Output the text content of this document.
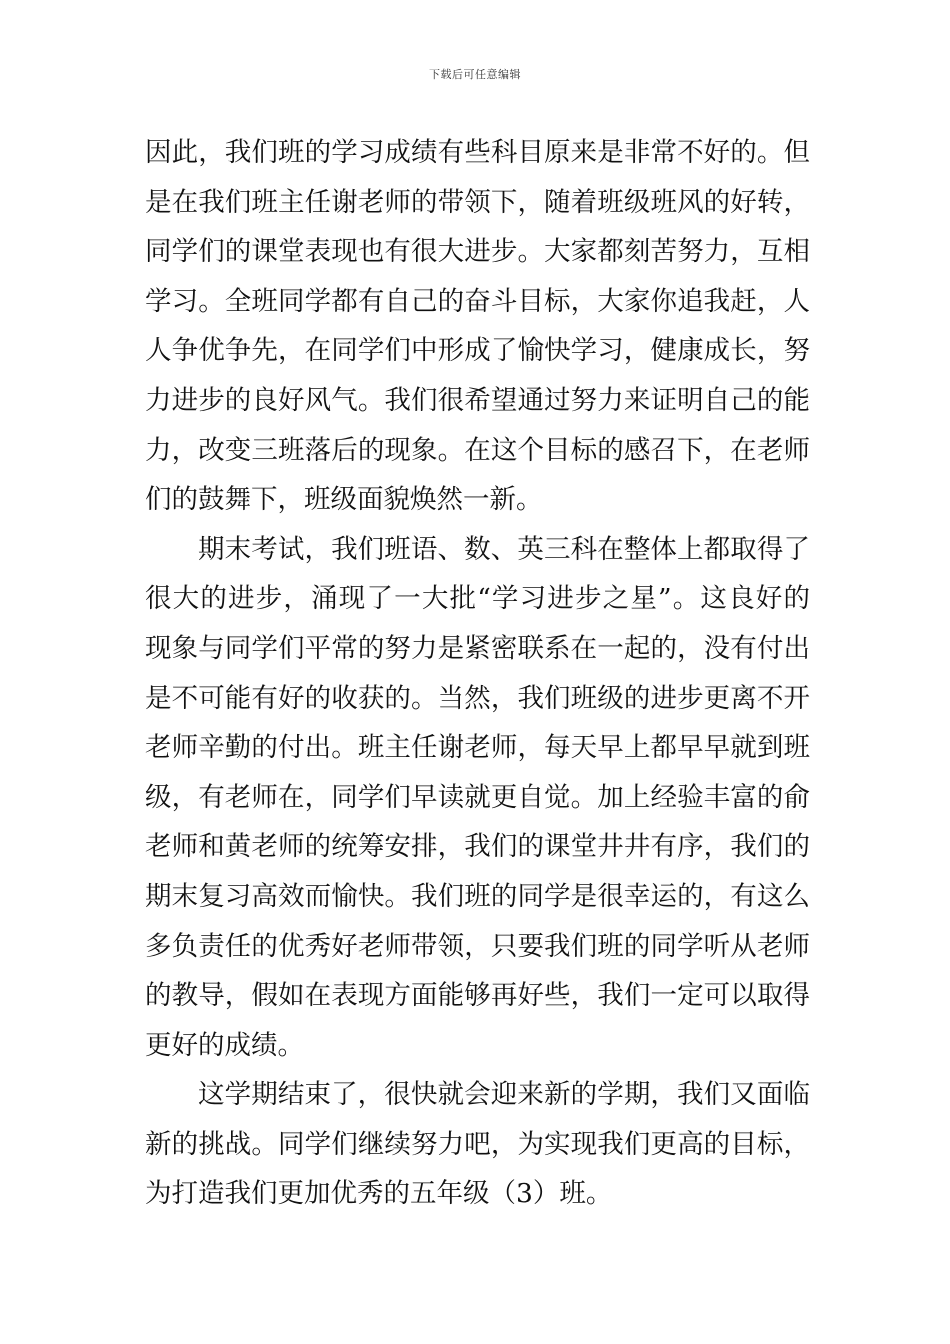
下载后可任意编辑

因此，我们班的学习成绩有些科目原来是非常不好的。但
是在我们班主任谢老师的带领下，随着班级班风的好转，
同学们的课堂表现也有很大进步。大家都刻苦努力，互相
学习。全班同学都有自己的奋斗目标，大家你追我赶，人
人争优争先，在同学们中形成了愉快学习，健康成长，努
力进步的良好风气。我们很希望通过努力来证明自己的能
力，改变三班落后的现象。在这个目标的感召下，在老师
们的鼓舞下，班级面貌焕然一新。

期末考试，我们班语、数、英三科在整体上都取得了
很大的进步，涌现了一大批“学习进步之星”。这良好的
现象与同学们平常的努力是紧密联系在一起的，没有付出
是不可能有好的收获的。当然，我们班级的进步更离不开
老师辛勤的付出。班主任谢老师，每天早上都早早就到班
级，有老师在，同学们早读就更自觉。加上经验丰富的俞
老师和黄老师的统筹安排，我们的课堂井井有序，我们的
期末复习高效而愉快。我们班的同学是很幸运的，有这么
多负责任的优秀好老师带领，只要我们班的同学听从老师
的教导，假如在表现方面能够再好些，我们一定可以取得
更好的成绩。

这学期结束了，很快就会迎来新的学期，我们又面临
新的挑战。同学们继续努力吧，为实现我们更高的目标，
为打造我们更加优秀的五年级（3）班。
